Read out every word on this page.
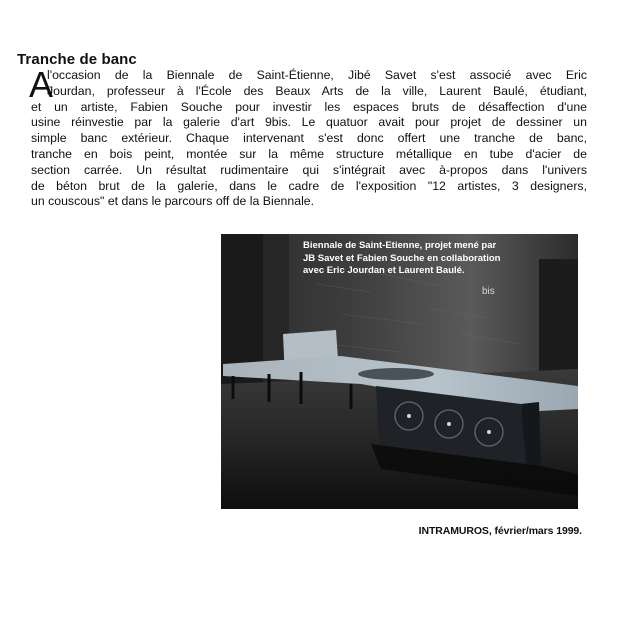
Tranche de banc
A
l'occasion de la Biennale de Saint-Étienne, Jibé Savet s'est associé avec Eric
Jourdan, professeur à l'École des Beaux Arts de la ville, Laurent Baulé, étudiant,
et un artiste, Fabien Souche pour investir les espaces bruts de désaffection d'une
usine réinvestie par la galerie d'art 9bis. Le quatuor avait pour projet de dessiner un
simple banc extérieur. Chaque intervenant s'est donc offert une tranche de banc,
tranche en bois peint, montée sur la même structure métallique en tube d'acier de
section carrée. Un résultat rudimentaire qui s'intégrait avec à-propos dans l'univers
de béton brut de la galerie, dans le cadre de l'exposition "12 artistes, 3 designers,
un couscous" et dans le parcours off de la Biennale.
Biennale de Saint-Etienne, projet mené par
JB Savet et Fabien Souche en collaboration
avec Eric Jourdan et Laurent Baulé.
bis
INTRAMUROS, février/mars 1999.
